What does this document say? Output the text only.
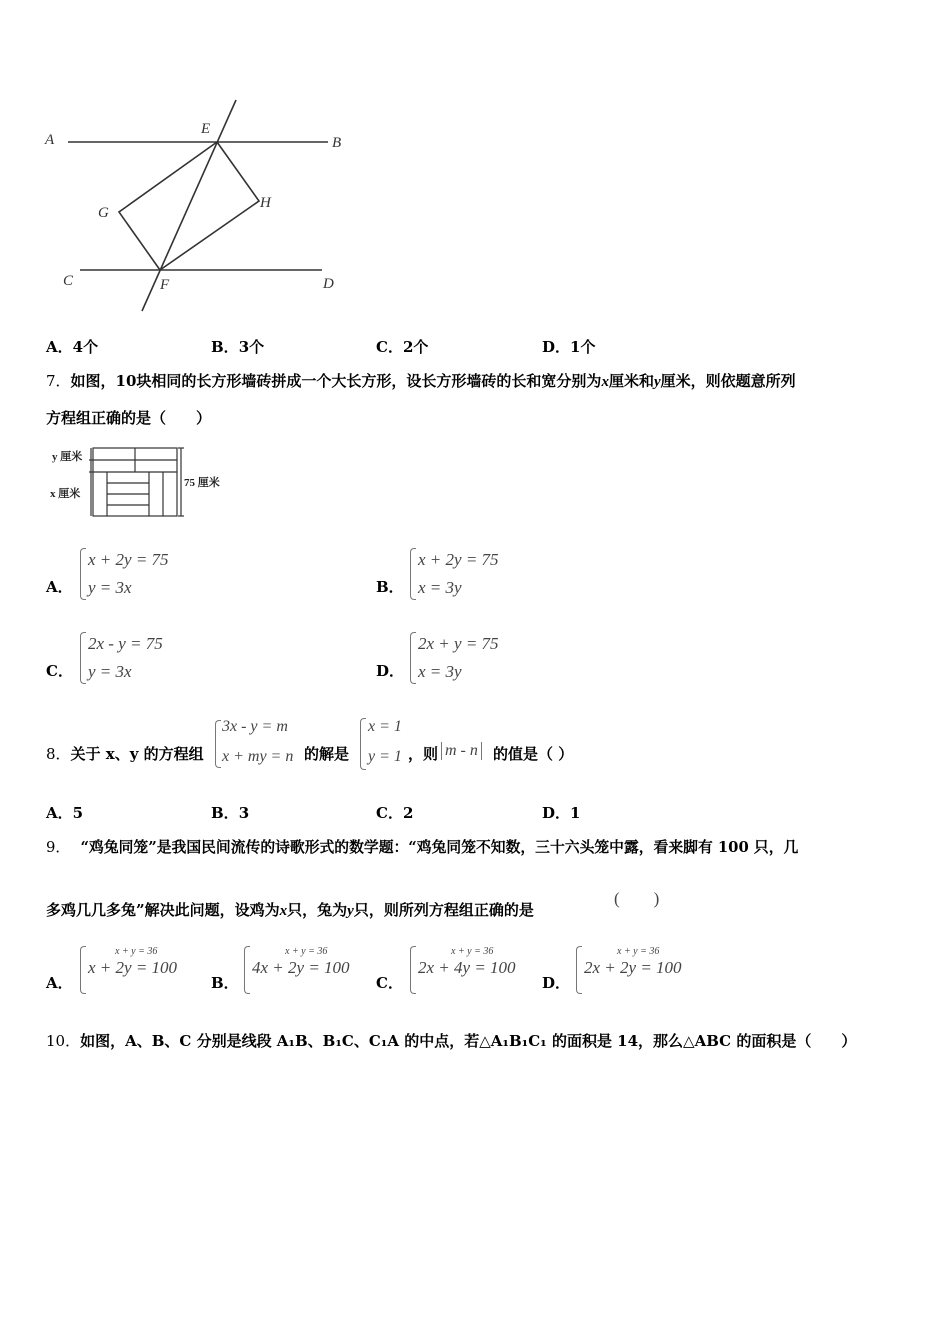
A	B
E
G
H
C	F	D
A．4个	B．3个	C．2个	D．1个
7．如图，10块相同的长方形墙砖拼成一个大长方形，设长方形墙砖的长和宽分别为x厘米和y厘米，则依题意所列
方程组正确的是（　　）
y 厘米
x 厘米
75 厘米
A．
x + 2y = 75
y = 3x	B．
x + 2y = 75
x = 3y
C．
2x - y = 75
y = 3x	D．
2x + y = 75
x = 3y
8．关于 x、y 的方程组
3x - y = m
x + my = n 的解是
x = 1
y = 1 ，则 m - n 的值是（ ）
A．5	B．3	C．2	D．1
9． “鸡兔同笼”是我国民间流传的诗歌形式的数学题：“鸡兔同笼不知数，三十六头笼中露，看来脚有 100 只，几
多鸡几几多兔”解决此问题，设鸡为x只，兔为y只，则所列方程组正确的是
(　　)
A．
x + y = 36
x + 2y = 100
B．
x + y = 36
4x + 2y = 100
C．
x + y = 36
2x + 4y = 100
D．
x + y = 36
2x + 2y = 100
10．如图，A、B、C 分别是线段 A₁B、B₁C、C₁A 的中点，若△A₁B₁C₁ 的面积是 14，那么△ABC 的面积是（　　）
